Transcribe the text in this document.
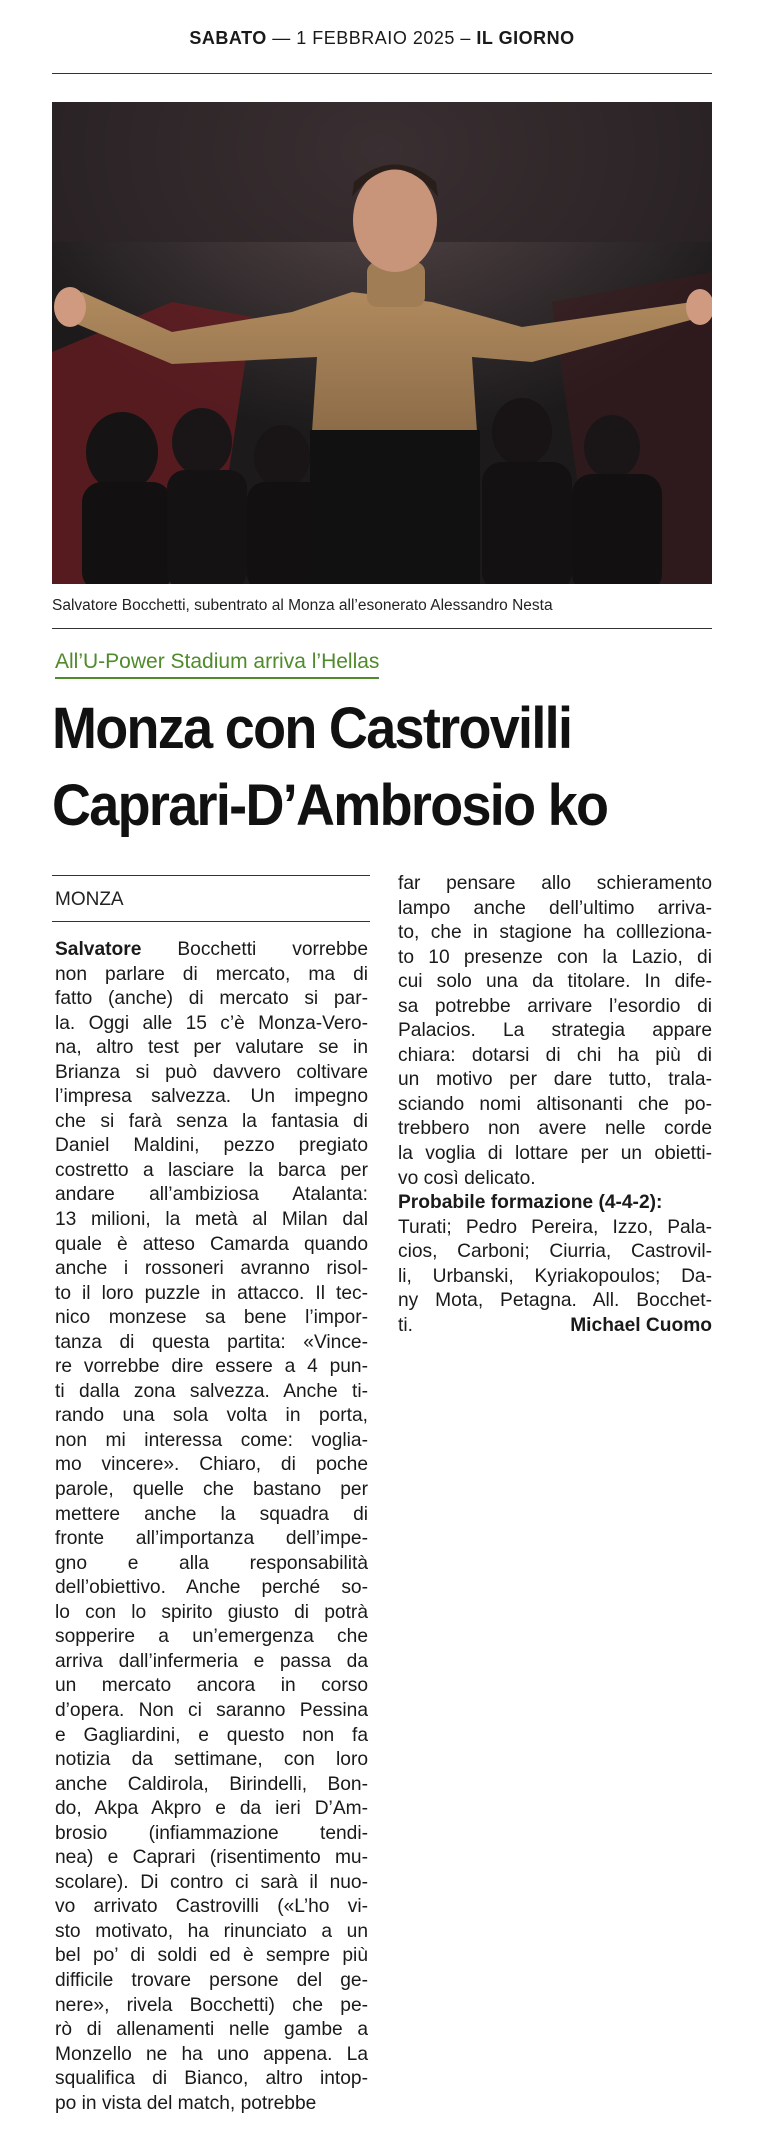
SABATO — 1 FEBBRAIO 2025 – IL GIORNO
Salvatore Bocchetti, subentrato al Monza all’esonerato Alessandro Nesta
All’U-Power Stadium arriva l’Hellas
Monza con Castrovilli
Caprari-D’Ambrosio ko
MONZA
Salvatore Bocchetti vorrebbe
non parlare di mercato, ma di
fatto (anche) di mercato si par-
la. Oggi alle 15 c’è Monza-Vero-
na, altro test per valutare se in
Brianza si può davvero coltivare
l’impresa salvezza. Un impegno
che si farà senza la fantasia di
Daniel Maldini, pezzo pregiato
costretto a lasciare la barca per
andare all’ambiziosa Atalanta:
13 milioni, la metà al Milan dal
quale è atteso Camarda quando
anche i rossoneri avranno risol-
to il loro puzzle in attacco. Il tec-
nico monzese sa bene l’impor-
tanza di questa partita: «Vince-
re vorrebbe dire essere a 4 pun-
ti dalla zona salvezza. Anche ti-
rando una sola volta in porta,
non mi interessa come: voglia-
mo vincere». Chiaro, di poche
parole, quelle che bastano per
mettere anche la squadra di
fronte all’importanza dell’impe-
gno e alla responsabilità
dell’obiettivo. Anche perché so-
lo con lo spirito giusto di potrà
sopperire a un’emergenza che
arriva dall’infermeria e passa da
un mercato ancora in corso
d’opera. Non ci saranno Pessina
e Gagliardini, e questo non fa
notizia da settimane, con loro
anche Caldirola, Birindelli, Bon-
do, Akpa Akpro e da ieri D’Am-
brosio (infiammazione tendi-
nea) e Caprari (risentimento mu-
scolare). Di contro ci sarà il nuo-
vo arrivato Castrovilli («L’ho vi-
sto motivato, ha rinunciato a un
bel po’ di soldi ed è sempre più
difficile trovare persone del ge-
nere», rivela Bocchetti) che pe-
rò di allenamenti nelle gambe a
Monzello ne ha uno appena. La
squalifica di Bianco, altro intop-
po in vista del match, potrebbe
far pensare allo schieramento
lampo anche dell’ultimo arriva-
to, che in stagione ha collleziona-
to 10 presenze con la Lazio, di
cui solo una da titolare. In dife-
sa potrebbe arrivare l’esordio di
Palacios. La strategia appare
chiara: dotarsi di chi ha più di
un motivo per dare tutto, trala-
sciando nomi altisonanti che po-
trebbero non avere nelle corde
la voglia di lottare per un obietti-
vo così delicato.
Probabile formazione (4-4-2):
Turati; Pedro Pereira, Izzo, Pala-
cios, Carboni; Ciurria, Castrovil-
li, Urbanski, Kyriakopoulos; Da-
ny Mota, Petagna. All. Bocchet-
ti.	Michael Cuomo
